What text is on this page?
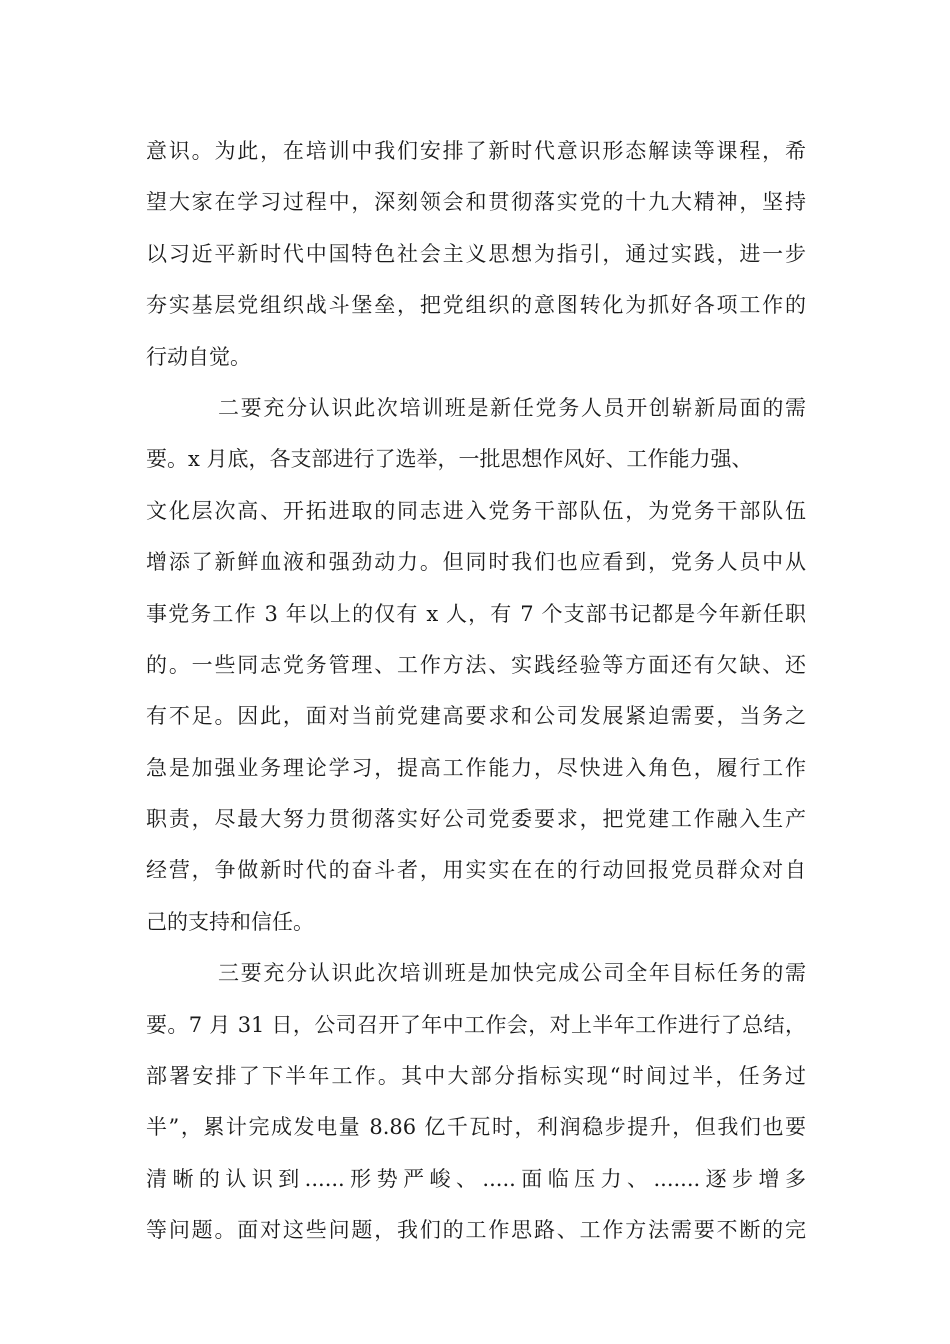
意识。为此，在培训中我们安排了新时代意识形态解读等课程，希
望大家在学习过程中，深刻领会和贯彻落实党的十九大精神，坚持
以习近平新时代中国特色社会主义思想为指引，通过实践，进一步
夯实基层党组织战斗堡垒，把党组织的意图转化为抓好各项工作的
行动自觉。
二要充分认识此次培训班是新任党务人员开创崭新局面的需
要。x 月底，各支部进行了选举，一批思想作风好、工作能力强、
文化层次高、开拓进取的同志进入党务干部队伍，为党务干部队伍
增添了新鲜血液和强劲动力。但同时我们也应看到，党务人员中从
事党务工作 3 年以上的仅有 x 人，有 7 个支部书记都是今年新任职
的。一些同志党务管理、工作方法、实践经验等方面还有欠缺、还
有不足。因此，面对当前党建高要求和公司发展紧迫需要，当务之
急是加强业务理论学习，提高工作能力，尽快进入角色，履行工作
职责，尽最大努力贯彻落实好公司党委要求，把党建工作融入生产
经营，争做新时代的奋斗者，用实实在在的行动回报党员群众对自
己的支持和信任。
三要充分认识此次培训班是加快完成公司全年目标任务的需
要。7 月 31 日，公司召开了年中工作会，对上半年工作进行了总结，
部署安排了下半年工作。其中大部分指标实现“时间过半，任务过
半”，累计完成发电量 8.86 亿千瓦时，利润稳步提升，但我们也要
清晰的认识到......形势严峻、.....面临压力、.......逐步增多
等问题。面对这些问题，我们的工作思路、工作方法需要不断的完
